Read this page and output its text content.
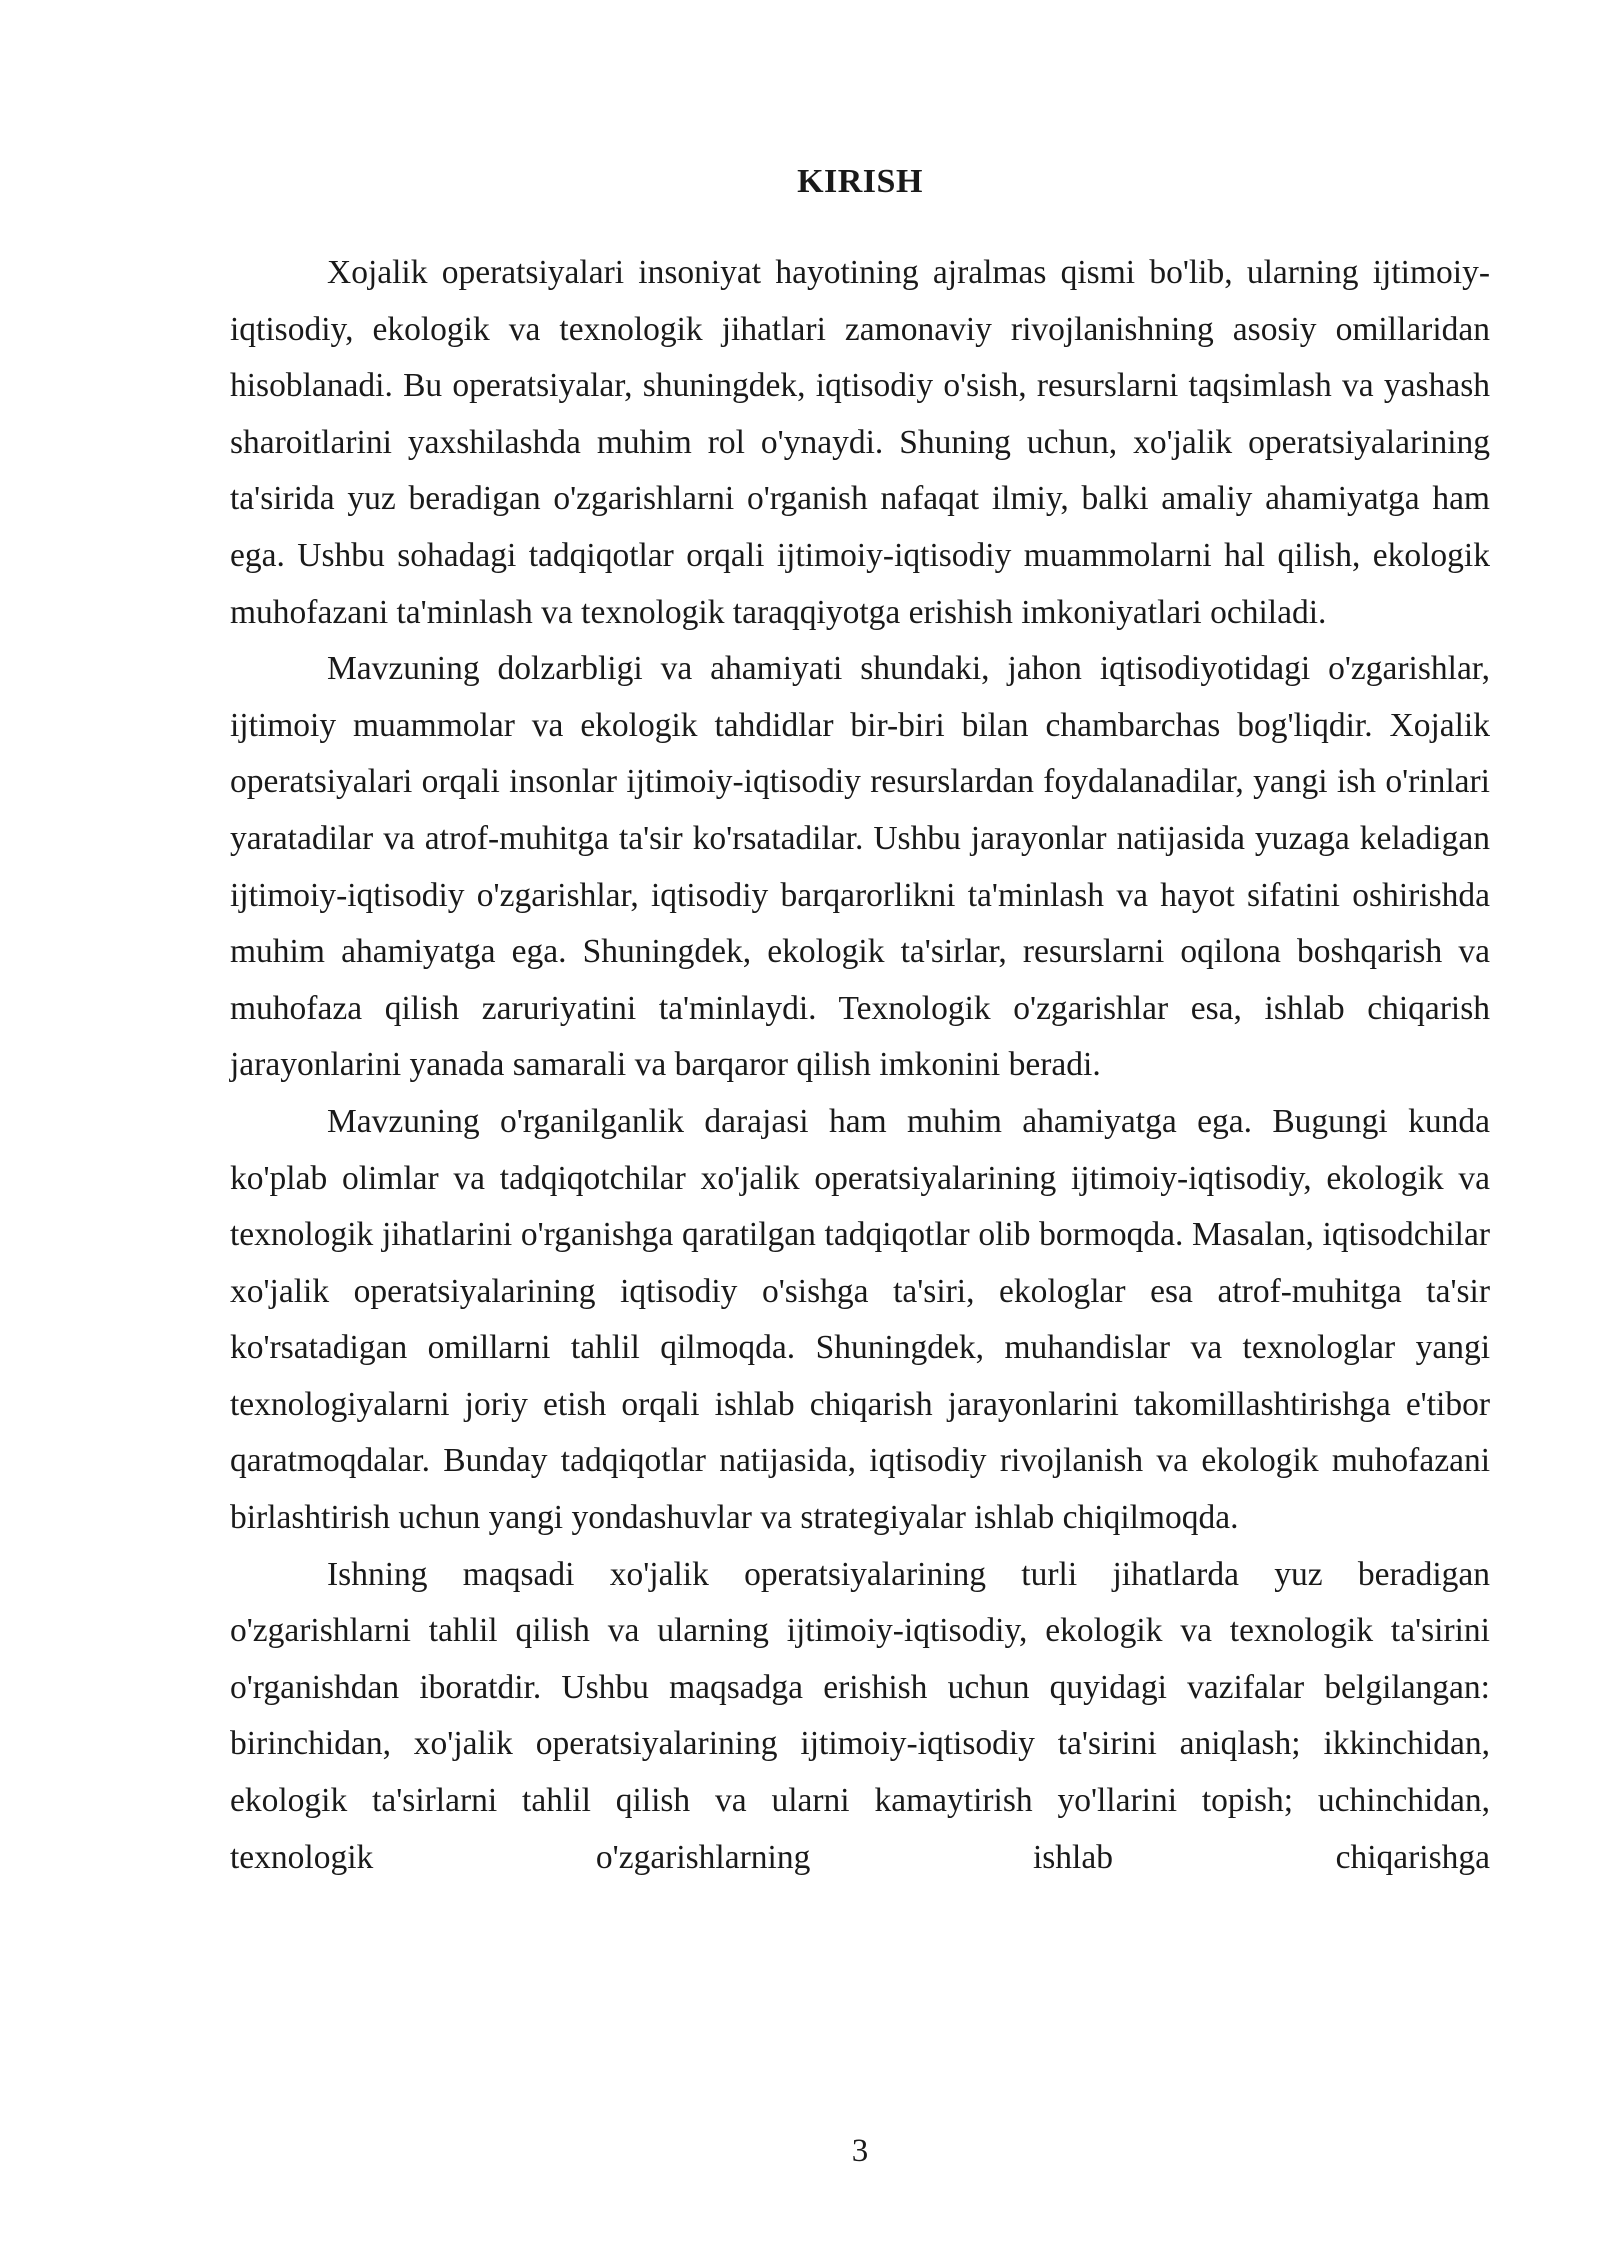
KIRISH

Xojalik operatsiyalari insoniyat hayotining ajralmas qismi bo'lib, ularning ijtimoiy-iqtisodiy, ekologik va texnologik jihatlari zamonaviy rivojlanishning asosiy omillaridan hisoblanadi. Bu operatsiyalar, shuningdek, iqtisodiy o'sish, resurslarni taqsimlash va yashash sharoitlarini yaxshilashda muhim rol o'ynaydi. Shuning uchun, xo'jalik operatsiyalarining ta'sirida yuz beradigan o'zgarishlarni o'rganish nafaqat ilmiy, balki amaliy ahamiyatga ham ega. Ushbu sohadagi tadqiqotlar orqali ijtimoiy-iqtisodiy muammolarni hal qilish, ekologik muhofazani ta'minlash va texnologik taraqqiyotga erishish imkoniyatlari ochiladi.

Mavzuning dolzarbligi va ahamiyati shundaki, jahon iqtisodiyotidagi o'zgarishlar, ijtimoiy muammolar va ekologik tahdidlar bir-biri bilan chambarchas bog'liqdir. Xojalik operatsiyalari orqali insonlar ijtimoiy-iqtisodiy resurslardan foydalanadilar, yangi ish o'rinlari yaratadilar va atrof-muhitga ta'sir ko'rsatadilar. Ushbu jarayonlar natijasida yuzaga keladigan ijtimoiy-iqtisodiy o'zgarishlar, iqtisodiy barqarorlikni ta'minlash va hayot sifatini oshirishda muhim ahamiyatga ega. Shuningdek, ekologik ta'sirlar, resurslarni oqilona boshqarish va muhofaza qilish zaruriyatini ta'minlaydi. Texnologik o'zgarishlar esa, ishlab chiqarish jarayonlarini yanada samarali va barqaror qilish imkonini beradi.

Mavzuning o'rganilganlik darajasi ham muhim ahamiyatga ega. Bugungi kunda ko'plab olimlar va tadqiqotchilar xo'jalik operatsiyalarining ijtimoiy-iqtisodiy, ekologik va texnologik jihatlarini o'rganishga qaratilgan tadqiqotlar olib bormoqda. Masalan, iqtisodchilar xo'jalik operatsiyalarining iqtisodiy o'sishga ta'siri, ekologlar esa atrof-muhitga ta'sir ko'rsatadigan omillarni tahlil qilmoqda. Shuningdek, muhandislar va texnologlar yangi texnologiyalarni joriy etish orqali ishlab chiqarish jarayonlarini takomillashtirishga e'tibor qaratmoqdalar. Bunday tadqiqotlar natijasida, iqtisodiy rivojlanish va ekologik muhofazani birlashtirish uchun yangi yondashuvlar va strategiyalar ishlab chiqilmoqda.

Ishning maqsadi xo'jalik operatsiyalarining turli jihatlarda yuz beradigan o'zgarishlarni tahlil qilish va ularning ijtimoiy-iqtisodiy, ekologik va texnologik ta'sirini o'rganishdan iboratdir. Ushbu maqsadga erishish uchun quyidagi vazifalar belgilangan: birinchidan, xo'jalik operatsiyalarining ijtimoiy-iqtisodiy ta'sirini aniqlash; ikkinchidan, ekologik ta'sirlarni tahlil qilish va ularni kamaytirish yo'llarini topish; uchinchidan, texnologik o'zgarishlarning ishlab chiqarishga

3
